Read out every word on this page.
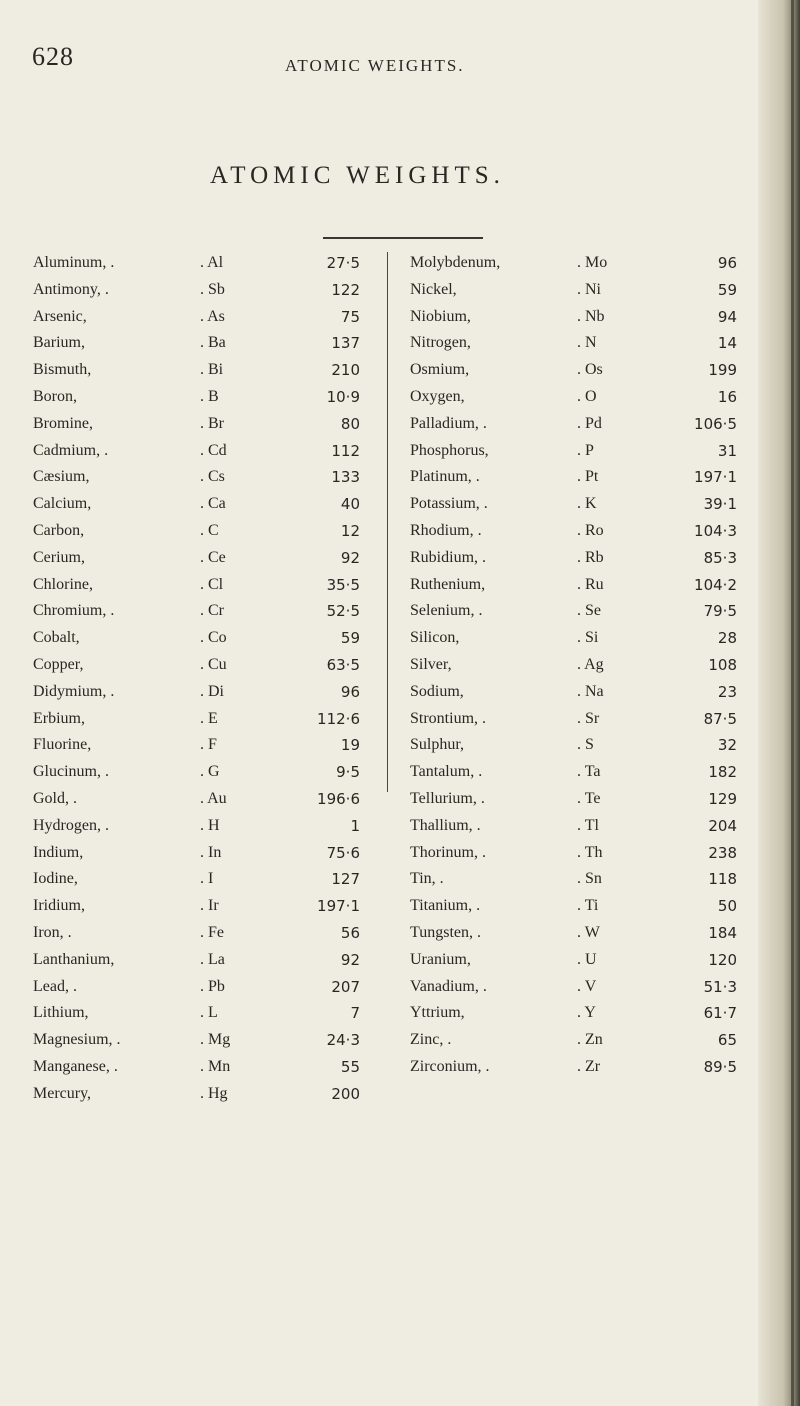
628	ATOMIC WEIGHTS.
ATOMIC WEIGHTS.
Aluminum, .	. Al	27·5
Antimony, .	. Sb	122
Arsenic,	. As	75
Barium,	. Ba	137
Bismuth,	. Bi	210
Boron,	. B	10·9
Bromine,	. Br	80
Cadmium, .	. Cd	112
Cæsium,	. Cs	133
Calcium,	. Ca	40
Carbon,	. C	12
Cerium,	. Ce	92
Chlorine,	. Cl	35·5
Chromium, .	. Cr	52·5
Cobalt,	. Co	59
Copper,	. Cu	63·5
Didymium, .	. Di	96
Erbium,	. E	112·6
Fluorine,	. F	19
Glucinum, .	. G	9·5
Gold, .	. Au	196·6
Hydrogen, .	. H	1
Indium,	. In	75·6
Iodine,	. I	127
Iridium,	. Ir	197·1
Iron, .	. Fe	56
Lanthanium,	. La	92
Lead, .	. Pb	207
Lithium,	. L	7
Magnesium, .	. Mg	24·3
Manganese, .	. Mn	55
Mercury,	. Hg	200
Molybdenum,	. Mo	96
Nickel,	. Ni	59
Niobium,	. Nb	94
Nitrogen,	. N	14
Osmium,	. Os	199
Oxygen,	. O	16
Palladium, .	. Pd	106·5
Phosphorus,	. P	31
Platinum, .	. Pt	197·1
Potassium, .	. K	39·1
Rhodium, .	. Ro	104·3
Rubidium, .	. Rb	85·3
Ruthenium,	. Ru	104·2
Selenium, .	. Se	79·5
Silicon,	. Si	28
Silver,	. Ag	108
Sodium,	. Na	23
Strontium, .	. Sr	87·5
Sulphur,	. S	32
Tantalum, .	. Ta	182
Tellurium, .	. Te	129
Thallium, .	. Tl	204
Thorinum, .	. Th	238
Tin, .	. Sn	118
Titanium, .	. Ti	50
Tungsten, .	. W	184
Uranium,	. U	120
Vanadium, .	. V	51·3
Yttrium,	. Y	61·7
Zinc, .	. Zn	65
Zirconium, .	. Zr	89·5
